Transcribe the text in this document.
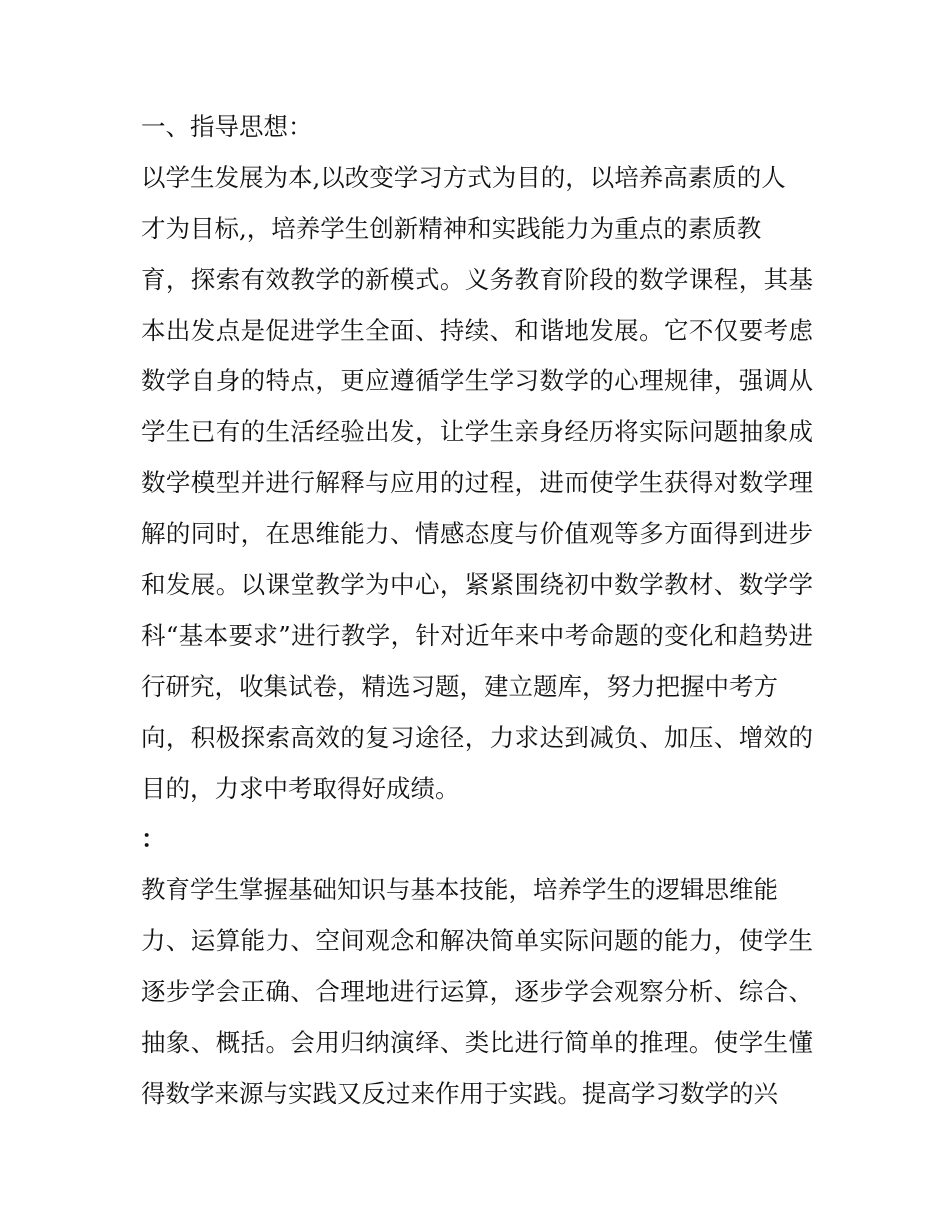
一、指导思想：
以学生发展为本,以改变学习方式为目的，以培养高素质的人
才为目标,，培养学生创新精神和实践能力为重点的素质教
育，探索有效教学的新模式。义务教育阶段的数学课程，其基
本出发点是促进学生全面、持续、和谐地发展。它不仅要考虑
数学自身的特点，更应遵循学生学习数学的心理规律，强调从
学生已有的生活经验出发，让学生亲身经历将实际问题抽象成
数学模型并进行解释与应用的过程，进而使学生获得对数学理
解的同时，在思维能力、情感态度与价值观等多方面得到进步
和发展。以课堂教学为中心，紧紧围绕初中数学教材、数学学
科“基本要求”进行教学，针对近年来中考命题的变化和趋势进
行研究，收集试卷，精选习题，建立题库，努力把握中考方
向，积极探索高效的复习途径，力求达到减负、加压、增效的
目的，力求中考取得好成绩。
：
教育学生掌握基础知识与基本技能，培养学生的逻辑思维能
力、运算能力、空间观念和解决简单实际问题的能力，使学生
逐步学会正确、合理地进行运算，逐步学会观察分析、综合、
抽象、概括。会用归纳演绎、类比进行简单的推理。使学生懂
得数学来源与实践又反过来作用于实践。提高学习数学的兴
